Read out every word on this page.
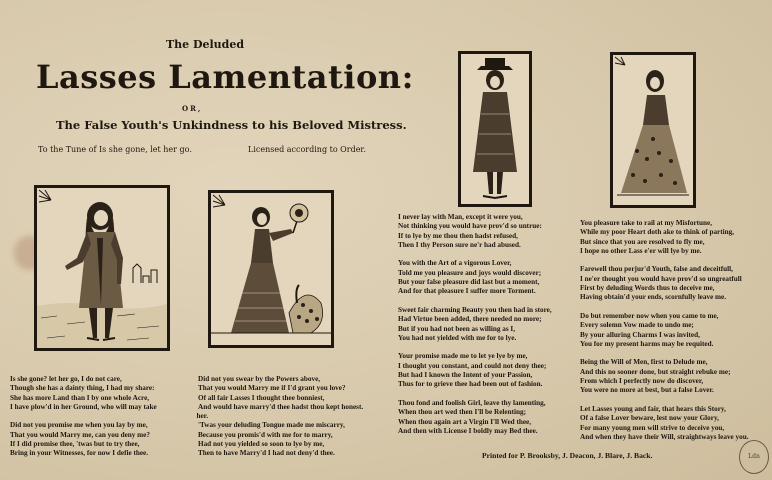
The Deluded
Lasses Lamentation:
OR,
The False Youth's Unkindness to his Beloved Mistress.
To the Tune of Is she gone, let her go.	Licensed according to Order.
Is she gone? let her go, I do not care,
Though she has a dainty thing, I had my share:
She has more Land than I by one whole Acre,
I have plow'd in her Ground, who will may take
her.
Did not you promise me when you lay by me,
That you would Marry me, can you deny me?
If I did promise thee, 'twas but to try thee,
Bring in your Witnesses, for now I defie thee.
Did not you swear by the Powers above,
That you would Marry me if I'd grant you love?
Of all fair Lasses I thought thee bonniest,
And would have marry'd thee hadst thou kept honest.
'Twas your deluding Tongue made me miscarry,
Because you promis'd with me for to marry,
Had not you yielded so soon to lye by me,
Then to have Marry'd I had not deny'd thee.
I never lay with Man, except it were you,
Not thinking you would have prov'd so untrue:
If to lye by me thou then hadst refused,
Then I thy Person sure ne'r had abused.
You with the Art of a vigorous Lover,
Told me you pleasure and joys would discover;
But your false pleasure did last but a moment,
And for that pleasure I suffer more Torment.
Sweet fair charming Beauty you then had in store,
Had Virtue been added, there needed no more;
But if you had not been as willing as I,
You had not yielded with me for to lye.
Your promise made me to let ye lye by me,
I thought you constant, and could not deny thee;
But had I known the Intent of your Passion,
Thus for to grieve thee had been out of fashion.
Thou fond and foolish Girl, leave thy lamenting,
When thou art wed then I'll be Relenting;
When thou again art a Virgin I'll Wed thee,
And then with License I boldly may Bed thee.
You pleasure take to rail at my Misfortune,
While my poor Heart doth ake to think of parting,
But since that you are resolved to fly me,
I hope no other Lass e'er will lye by me.
Farewell thou perjur'd Youth, false and deceitfull,
I ne'er thought you would have prov'd so ungreatfull
First by deluding Words thus to deceive me,
Having obtain'd your ends, scornfully leave me.
Do but remember now when you came to me,
Every solemn Vow made to undo me;
By your alluring Charms I was invited,
You for my present harms may be requited.
Being the Will of Men, first to Delude me,
And this no sooner done, but straight rebuke me;
From which I perfectly now do discover,
You were no more at best, but a false Lover.
Let Lasses young and fair, that hears this Story,
Of a false Lover beware, lest now your Glory,
For many young men will strive to deceive you,
And when they have their Will, straightways leave you.
Printed for P. Brooksby, J. Deacon, J. Blare, J. Back.	Ldn
